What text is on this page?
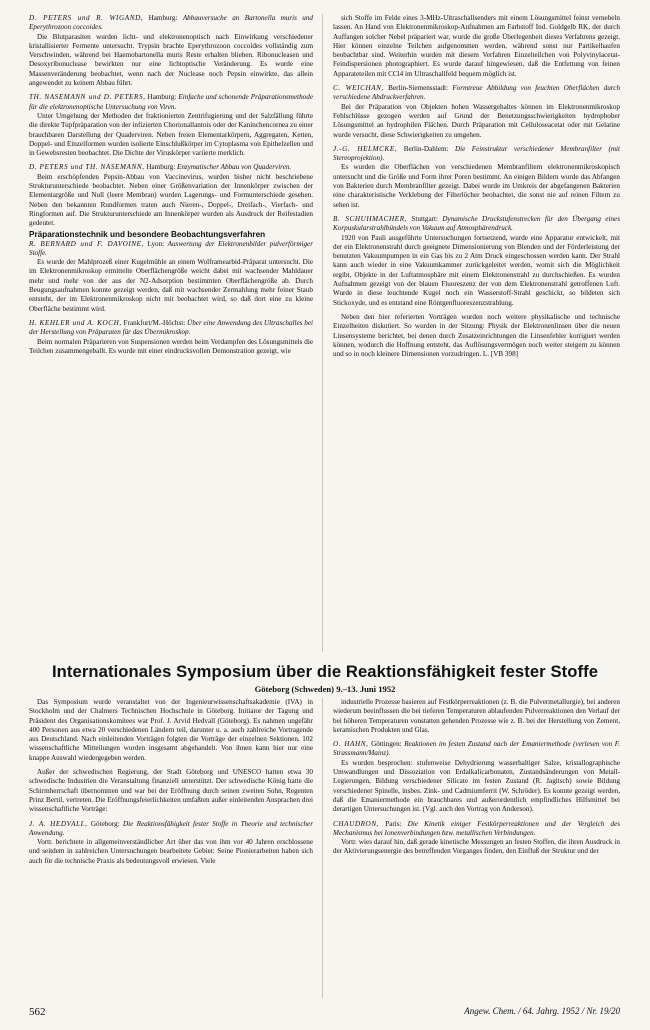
D. PETERS und R. WIGAND, Hamburg: Abbauversuche an Bartonella muris und Eperythrozoon coccoides.

Die Blutparasiten wurden licht- und elektronenoptisch nach Einwirkung verschiedener kristallisierter Fermente untersucht. Trypsin brachte Eperythrozoon coccoides vollständig zum Verschwinden, während bei Haemobartonella muris Reste erhalten blieben. Ribonucleasen und Desoxyribonuclease bewirkten nur eine lichtoptische Veränderung. Es wurde eine Massenveränderung beobachtet, wenn nach der Nuclease noch Pepsin einwirkte, das allein angewendet zu keinem Abbau führt.

TH. NASEMANN und D. PETERS, Hamburg: Einfache und schonende Präparationsmethode für die elektronenoptische Untersuchung von Viren.

Unter Umgehung der Methoden der fraktionierten Zentrifugierung und der Salzfällung führte die direkte Tupfpräparation von der infizierten Chorionallantois oder der Kaninchencornea zu einer brauchbaren Darstellung der Quaderviren. Neben freien Elementarkörpern, Aggregaten, Ketten, Doppel- und Einzelformen wurden isolierte Einschlußkörper im Cytoplasma von Epithelzellen und in Gewebsresten beobachtet. Die Dichte der Viruskörper variierte merklich.

D. PETERS und TH. NASEMANN, Hamburg: Enzymatischer Abbau von Quaderviren.

Beim erschöpfenden Pepsin-Abbau von Vaccinevirus, wurden bisher nicht beschriebene Strukturunterschiede beobachtet. Neben einer Größenvariation der Innenkörper zwischen der Elementargröße und Null (leere Membran) wurden Lagerungs- und Formunterschiede gesehen. Neben den bekannten Rundformen traten auch Nieren-, Doppel-, Dreifach-, Vierfach- und Ringformen auf. Die Strukturunterschiede am Innenkörper wurden als Ausdruck der Reifestadien gedeutet.

Präparationstechnik und besondere Beobachtungsverfahren

R. BERNARD und F. DAVOINE, Lyon: Auswertung der Elektronenbilder pulverförmiger Stoffe.

Es wurde der Mahlprozeß einer Kugelmühle an einem Wolframearbid-Präparat untersucht. Die im Elektronenmikroskop ermittelte Oberflächengröße weicht dabei mit wachsender Mahldauer mehr und mehr von der aus der N2-Adsorption bestimmten Oberflächengröße ab. Durch Beugungsaufnahmen konnte gezeigt werden, daß mit wachsender Zermahlung mehr feiner Staub entsteht, der im Elektronenmikroskop nicht mit beobachtet wird, so daß dort eine zu kleine Oberfläche bestimmt wird.

H. KEHLER und A. KOCH, Frankfurt/M.-Höchst: Über eine Anwendung des Ultraschalles bei der Herstellung von Präparaten für das Übermikroskop.

Beim normalen Präparieren von Suspensionen werden beim Verdampfen des Lösungsmittels die Teilchen zusammengeballt. Es wurde mit einer eindrucksvollen Demonstration gezeigt, wie

sich Stoffe im Felde eines 3-MHz-Ultraschallsenders mit einem Lösungsmittel feinst vernebeln lassen. An Hand von Elektronenmikroskop-Aufnahmen am Farbstoff Ind. Goldgelb RK, der durch Auffangen solcher Nebel präpariert war, wurde die große Überlegenheit dieses Verfahrens gezeigt. Hier können einzelne Teilchen aufgenommen werden, während sonst nur Partikelhaufen beobachtbar sind. Weiterhin wurden mit diesem Verfahren Einzelteilchen von Polyvinylacetat-Feindispersionen photographiert. Es wurde darauf hingewiesen, daß die Entfettung von feinen Apparateteilen mit CCl4 im Ultraschallfeld bequem möglich ist.

C. WEICHAN, Berlin-Siemensstadt: Formtreue Abbildung von feuchten Oberflächen durch verschiedene Abdruckverfahren.

Bei der Präparation von Objekten hohen Wassergehaltes können im Elektronenmikroskop Fehlschlüsse gezogen werden auf Grund der Benetzungsschwierigkeiten hydrophober Lösungsmittel an hydrophilen Flächen. Durch Präparation mit Celluloseacetat oder mit Gelatine wurde versucht, diese Schwierigkeiten zu umgehen.

J.-G. HELMCKE, Berlin-Dahlem: Die Feinstruktur verschiedener Membranfilter (mit Stereoprojektion).

Es wurden die Oberflächen von verschiedenen Membranfiltern elektronenmikroskopisch untersucht und die Größe und Form ihrer Poren bestimmt. An einigen Bildern wurde das Abfangen von Bakterien durch Membranfilter gezeigt. Dabei wurde im Umkreis der abgefangenen Bakterien eine charakteristische Verklebung der Filterlöcher beobachtet, die sonst nie auf reinen Filtern zu sehen ist.

B. SCHUHMACHER, Stuttgart: Dynamische Druckstufenstrecken für den Übergang eines Korpuskularstrahlbündels von Vakuum auf Atmosphärendruck.

1920 von Pauli ausgeführte Untersuchungen fortsetzend, wurde eine Apparatur entwickelt, mit der ein Elektronenstrahl durch geeignete Dimensionierung von Blenden und der Förderleistung der benutzten Vakuumpumpen in ein Gas bis zu 2 Atm Druck eingeschossen werden kann. Der Strahl kann auch wieder in eine Vakuumkammer zurückgeleitet werden, womit sich die Möglichkeit ergibt, Objekte in der Luftatmosphäre mit einem Elektronenstrahl zu durchschießen. Es wurden Aufnahmen gezeigt von der blauen Fluoreszenz der von dem Elektronenstrahl getroffenen Luft. Wurde in diese leuchtende Kugel noch ein Wasserstoff-Strahl geschickt, so bildeten sich Stickoxyde, und es entstand eine Röntgenfluoreszenzstrahlung.

Neben den hier referierten Vorträgen wurden noch weitere physikalische und technische Einzelheiten diskutiert. So wurden in der Sitzung: Physik der Elektronenlinsen über die neuen Linsensysteme berichtet, bei denen durch Zusatzeinrichtungen die Linsenfehler korrigiert werden können, wodurch die Hoffnung entsteht, das Auflösungsvermögen noch weiter steigern zu können und so in noch kleinere Dimensionen vorzudringen. L. [VB 398]

Internationales Symposium über die Reaktionsfähigkeit fester Stoffe
Göteborg (Schweden) 9.–13. Juni 1952

Das Symposium wurde veranstaltet von der Ingenieurwissenschaftsakademie (IVA) in Stockholm und der Chalmers Technischen Hochschule in Göteborg. Initiator der Tagung und Präsident des Organisationskomitees war Prof. J. Arvid Hedvall (Göteborg). Es nahmen ungefähr 400 Personen aus etwa 20 verschiedenen Ländern teil, darunter u. a. auch zahlreiche Vortragende aus Deutschland. Nach einleitenden Vorträgen folgten die Vorträge der einzelnen Sektionen. 102 wissenschaftliche Mitteilungen wurden insgesamt abgehandelt. Von ihnen kann hier nur eine knappe Auswahl wiedergegeben werden.

Außer der schwedischen Regierung, der Stadt Göteborg und UNESCO hatten etwa 30 schwedische Industrien die Veranstaltung finanziell unterstützt. Der schwedische König hatte die Schirmherrschaft übernommen und war bei der Eröffnung durch seinen zweiten Sohn, Regenten Prinz Bertil, vertreten. Die Eröffnungsfeierlichkeiten umfaßten außer einleitenden Ansprachen drei wissenschaftliche Vorträge:

J. A. HEDVALL, Göteborg: Die Reaktionsfähigkeit fester Stoffe in Theorie und technischer Anwendung.

Vortr. berichtete in allgemeinverständlicher Art über das von ihm vor 40 Jahren erschlossene und seitdem in zahlreichen Untersuchungen bearbeitete Gebiet: Seine Pionierarbeiten haben sich auch für die technische Praxis als bedeutungsvoll erwiesen. Viele

industrielle Prozesse basieren auf Festkörperreaktionen (z. B. die Pulvermetallurgie), bei anderen wiederum beeinflussen die bei tieferen Temperaturen ablaufenden Pulverreaktionen den Verlauf der bei höheren Temperaturen vonstatten gehenden Prozesse wie z. B. bei der Herstellung von Zement, keramischen Produkten und Glas.

O. HAHN, Göttingen: Reaktionen im festen Zustand nach der Emaniermethode (verlesen von F. Strassmann/Mainz).

Es wurden besprochen: stufenweise Dehydrierung wasserhaltiger Salze, kristallographische Umwandlungen und Dissoziation von Erdalkalicarbonaten, Zustandsänderungen von Metall-Legierungen, Bildung verschiedener Silicate im festen Zustand (R. Jagitsch) sowie Bildung verschiedener Spinelle, insbes. Zink- und Cadmiumferrit (W. Schröder). Es konnte gezeigt werden, daß die Emaniermethode ein brauchbares und außerordentlich empfindliches Hilfsmittel bei derartigen Untersuchungen ist. (Vgl. auch den Vortrag von Anderson).

CHAUDRON, Paris: Die Kinetik einiger Festkörperreaktionen und der Vergleich des Mechanismus bei Ionenverbindungen bzw. metallischen Verbindungen.

Vortr. wies darauf hin, daß gerade kinetische Messungen an festen Stoffen, die ihren Ausdruck in der Aktivierungsenergie des betreffenden Vorganges finden, den Einfluß der Struktur und der

562	Angew. Chem. / 64. Jahrg. 1952 / Nr. 19/20
